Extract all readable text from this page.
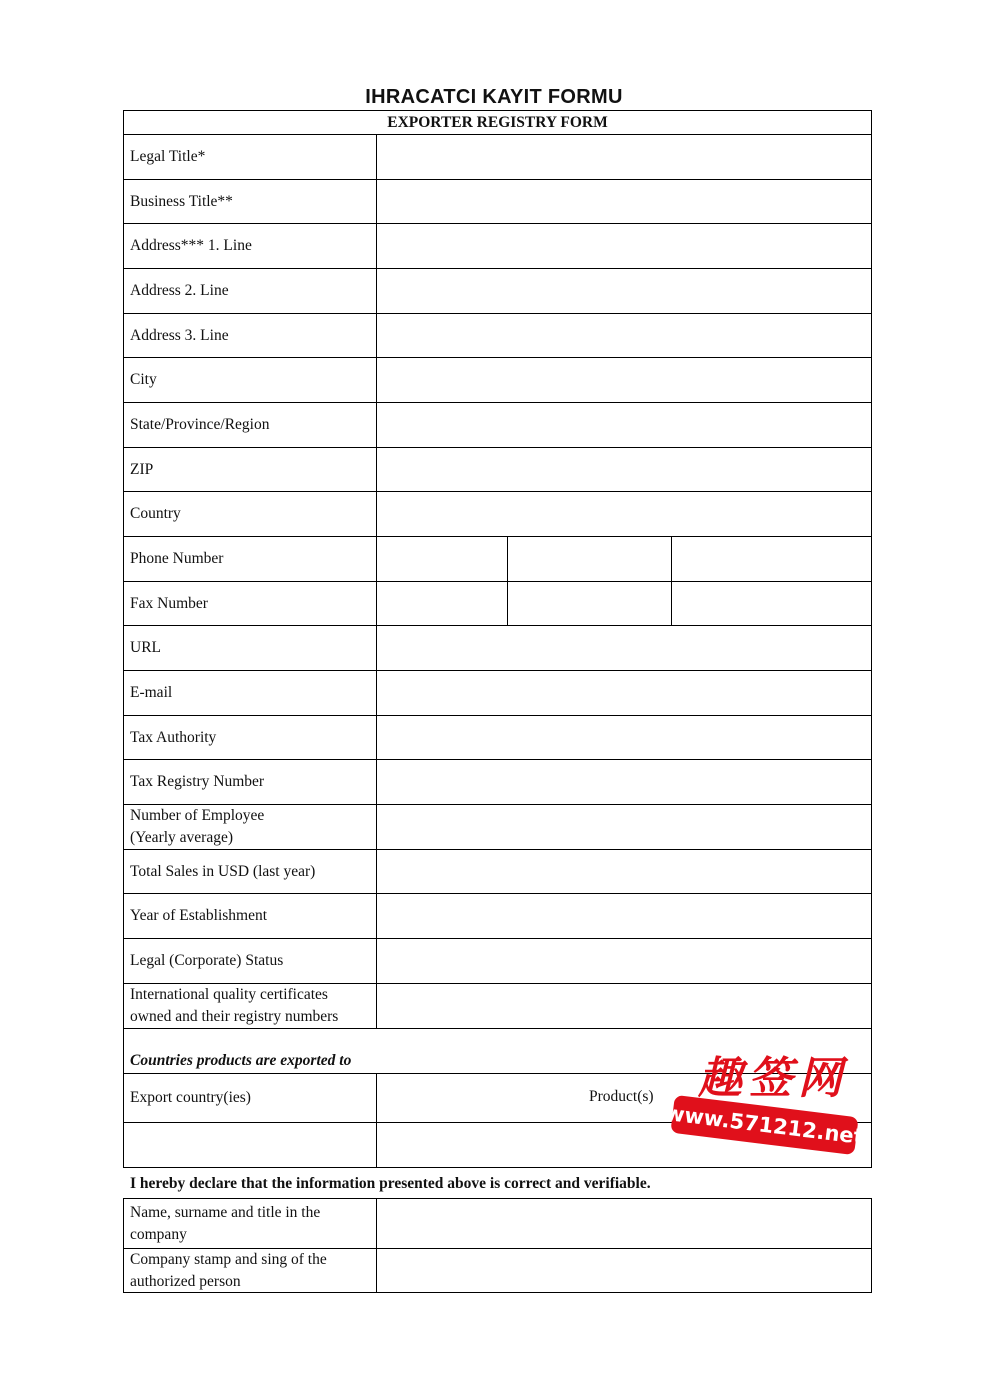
IHRACATCI KAYIT FORMU
EXPORTER REGISTRY FORM
Legal Title*
Business Title**
Address*** 1. Line
Address 2. Line
Address 3. Line
City
State/Province/Region
ZIP
Country
Phone Number
Fax Number
URL
E-mail
Tax Authority
Tax Registry Number
Number of Employee
(Yearly average)
Total Sales in USD (last year)
Year of Establishment
Legal (Corporate) Status
International quality certificates
owned and their registry numbers
Countries products are exported to
Export country(ies)	Product(s)
I hereby declare that the information presented above is correct and verifiable.
Name, surname and title in the
company
Company stamp and sing of the
authorized person
趣签网
www.571212.net
